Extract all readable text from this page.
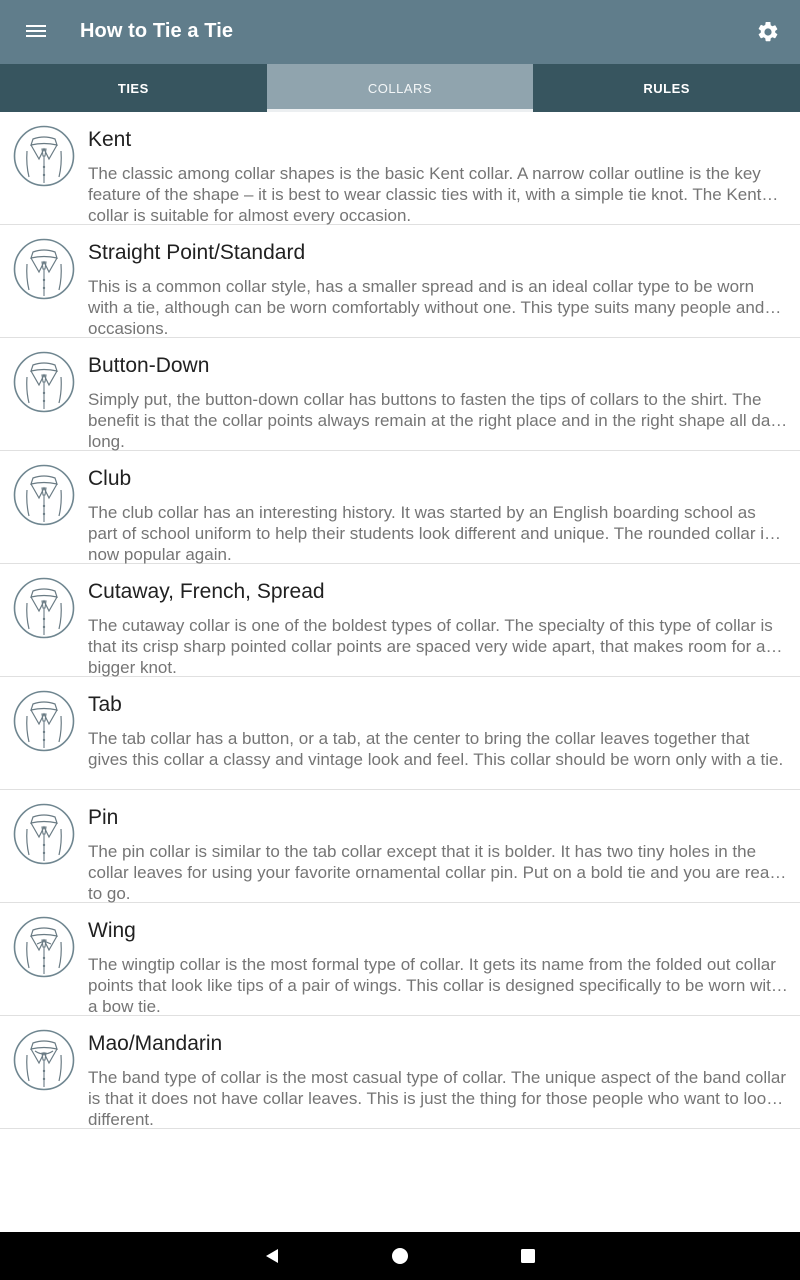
How to Tie a Tie
TIES	COLLARS	RULES
Kent
The classic among collar shapes is the basic Kent collar. A narrow collar outline is the key feature of the shape – it is best to wear classic ties with it, with a simple tie knot. The Kent collar is suitable for almost every occasion.
Straight Point/Standard
This is a common collar style, has a smaller spread and is an ideal collar type to be worn with a tie, although can be worn comfortably without one. This type suits many people and occasions.
Button-Down
Simply put, the button-down collar has buttons to fasten the tips of collars to the shirt. The benefit is that the collar points always remain at the right place and in the right shape all day long.
Club
The club collar has an interesting history. It was started by an English boarding school as part of school uniform to help their students look different and unique. The rounded collar is now popular again.
Cutaway, French, Spread
The cutaway collar is one of the boldest types of collar. The specialty of this type of collar is that its crisp sharp pointed collar points are spaced very wide apart, that makes room for a bigger knot.
Tab
The tab collar has a button, or a tab, at the center to bring the collar leaves together that gives this collar a classy and vintage look and feel. This collar should be worn only with a tie.
Pin
The pin collar is similar to the tab collar except that it is bolder. It has two tiny holes in the collar leaves for using your favorite ornamental collar pin. Put on a bold tie and you are ready to go.
Wing
The wingtip collar is the most formal type of collar. It gets its name from the folded out collar points that look like tips of a pair of wings. This collar is designed specifically to be worn with a bow tie.
Mao/Mandarin
The band type of collar is the most casual type of collar. The unique aspect of the band collar is that it does not have collar leaves. This is just the thing for those people who want to look different.
